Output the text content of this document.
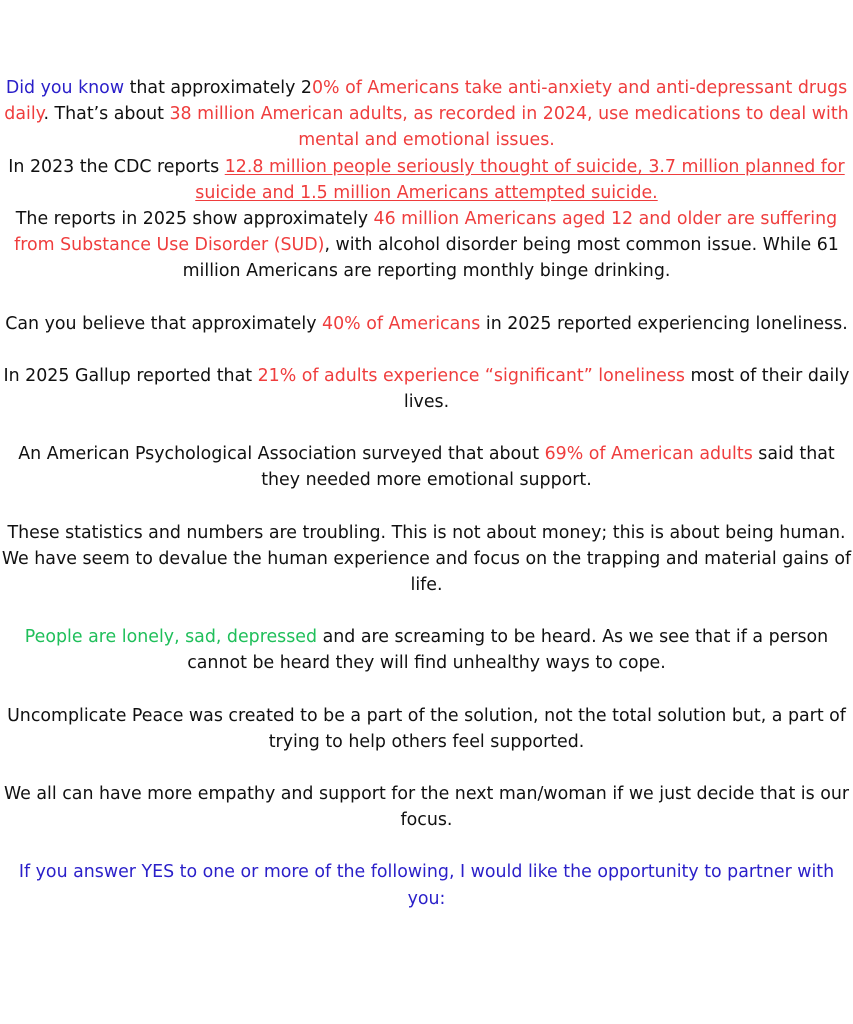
Did you know that approximately 20% of Americans take anti-anxiety and anti-depressant drugs daily. That’s about 38 million American adults, as recorded in 2024, use medications to deal with mental and emotional issues.

In 2023 the CDC reports 12.8 million people seriously thought of suicide, 3.7 million planned for suicide and 1.5 million Americans attempted suicide.

The reports in 2025 show approximately 46 million Americans aged 12 and older are suffering from Substance Use Disorder (SUD), with alcohol disorder being most common issue. While 61 million Americans are reporting monthly binge drinking.

Can you believe that approximately 40% of Americans in 2025 reported experiencing loneliness.

In 2025 Gallup reported that 21% of adults experience “significant” loneliness most of their daily lives.

An American Psychological Association surveyed that about 69% of American adults said that they needed more emotional support.

These statistics and numbers are troubling. This is not about money; this is about being human. We have seem to devalue the human experience and focus on the trapping and material gains of life.

People are lonely, sad, depressed and are screaming to be heard. As we see that if a person cannot be heard they will find unhealthy ways to cope.

Uncomplicate Peace was created to be a part of the solution, not the total solution but, a part of trying to help others feel supported.

We all can have more empathy and support for the next man/woman if we just decide that is our focus.

If you answer YES to one or more of the following, I would like the opportunity to partner with you:
